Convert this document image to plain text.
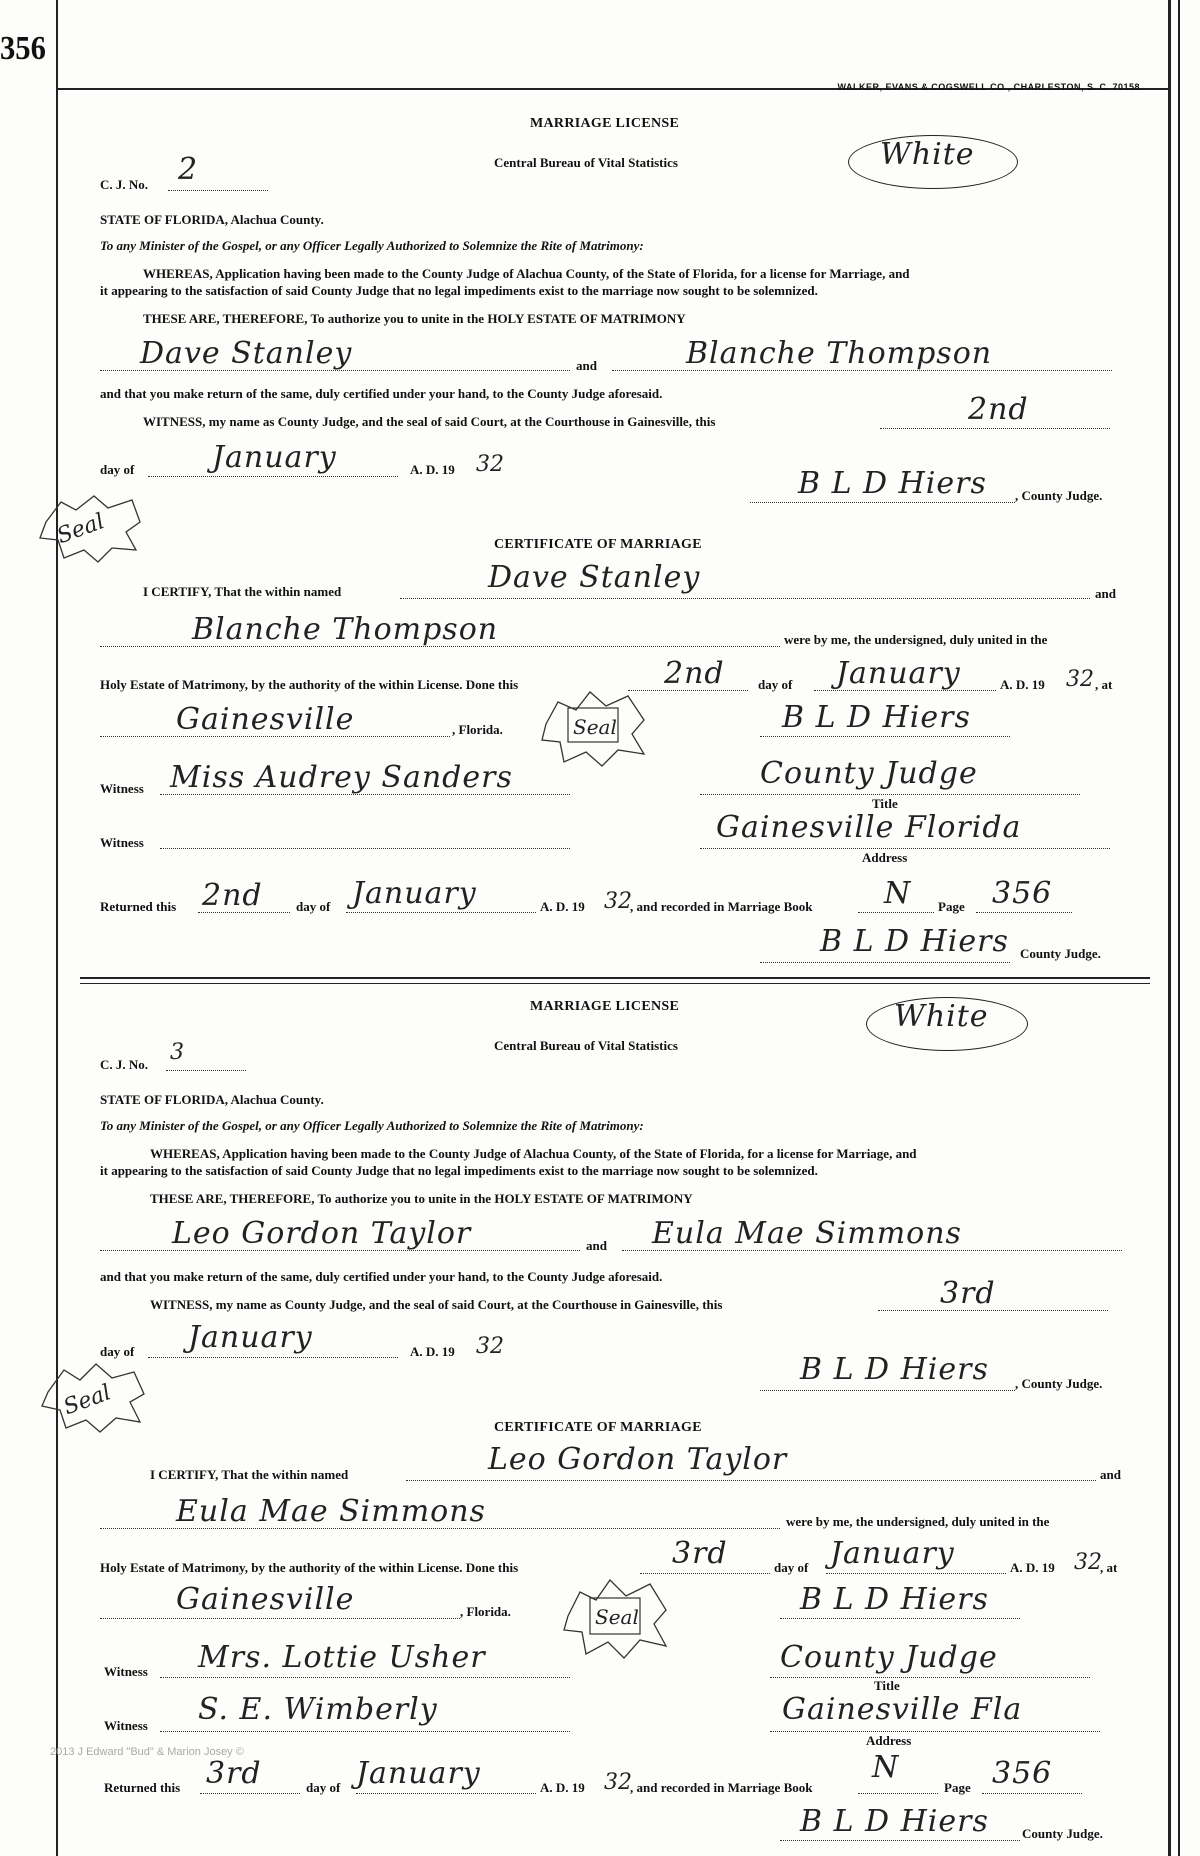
356
WALKER, EVANS & COGSWELL CO., CHARLESTON, S. C. 70158
2013 J Edward "Bud" & Marion Josey ©
MARRIAGE LICENSE
Central Bureau of Vital Statistics	White
C. J. No. 2
STATE OF FLORIDA, Alachua County.
To any Minister of the Gospel, or any Officer Legally Authorized to Solemnize the Rite of Matrimony:
WHEREAS, Application having been made to the County Judge of Alachua County, of the State of Florida, for a license for Marriage, and
it appearing to the satisfaction of said County Judge that no legal impediments exist to the marriage now sought to be solemnized.
THESE ARE, THEREFORE, To authorize you to unite in the HOLY ESTATE OF MATRIMONY
Dave Stanley	and	Blanche Thompson
and that you make return of the same, duly certified under your hand, to the County Judge aforesaid.
WITNESS, my name as County Judge, and the seal of said Court, at the Courthouse in Gainesville, this	2nd
day of	January	A. D. 19 32
B L D Hiers , County Judge.
Seal	CERTIFICATE OF MARRIAGE
I CERTIFY, That the within named	Dave Stanley	and
Blanche Thompson	were by me, the undersigned, duly united in the
Holy Estate of Matrimony, by the authority of the within License. Done this	2nd	day of January	A. D. 19 32 , at
Gainesville	, Florida.	Seal	B L D Hiers
Witness Miss Audrey Sanders	County Judge
Title
Witness	Gainesville Florida
Address
Returned this 2nd	day of January	A. D. 19 32
, and recorded in Marriage Book N Page 356
B L D Hiers County Judge.
MARRIAGE LICENSE
Central Bureau of Vital Statistics
White
C. J. No. 3
STATE OF FLORIDA, Alachua County.
To any Minister of the Gospel, or any Officer Legally Authorized to Solemnize the Rite of Matrimony:
WHEREAS, Application having been made to the County Judge of Alachua County, of the State of Florida, for a license for Marriage, and
it appearing to the satisfaction of said County Judge that no legal impediments exist to the marriage now sought to be solemnized.
THESE ARE, THEREFORE, To authorize you to unite in the HOLY ESTATE OF MATRIMONY
Leo Gordon Taylor	and Eula Mae Simmons
and that you make return of the same, duly certified under your hand, to the County Judge aforesaid.
WITNESS, my name as County Judge, and the seal of said Court, at the Courthouse in Gainesville, this	3rd
day of January	A. D. 19 32
B L D Hiers , County Judge.
Seal
CERTIFICATE OF MARRIAGE
I CERTIFY, That the within named	Leo Gordon Taylor	and
Eula Mae Simmons	were by me, the undersigned, duly united in the
Holy Estate of Matrimony, by the authority of the within License. Done this	3rd	day of January	A. D. 19 32
, at
Gainesville	, Florida.	Seal	B L D Hiers
Witness Mrs. Lottie Usher	County Judge
Title
Witness S. E. Wimberly	Gainesville Fla
Address
Returned this 3rd	day of January	A. D. 19 32
, and recorded in Marriage Book
N
Page 356
B L D Hiers	County Judge.
